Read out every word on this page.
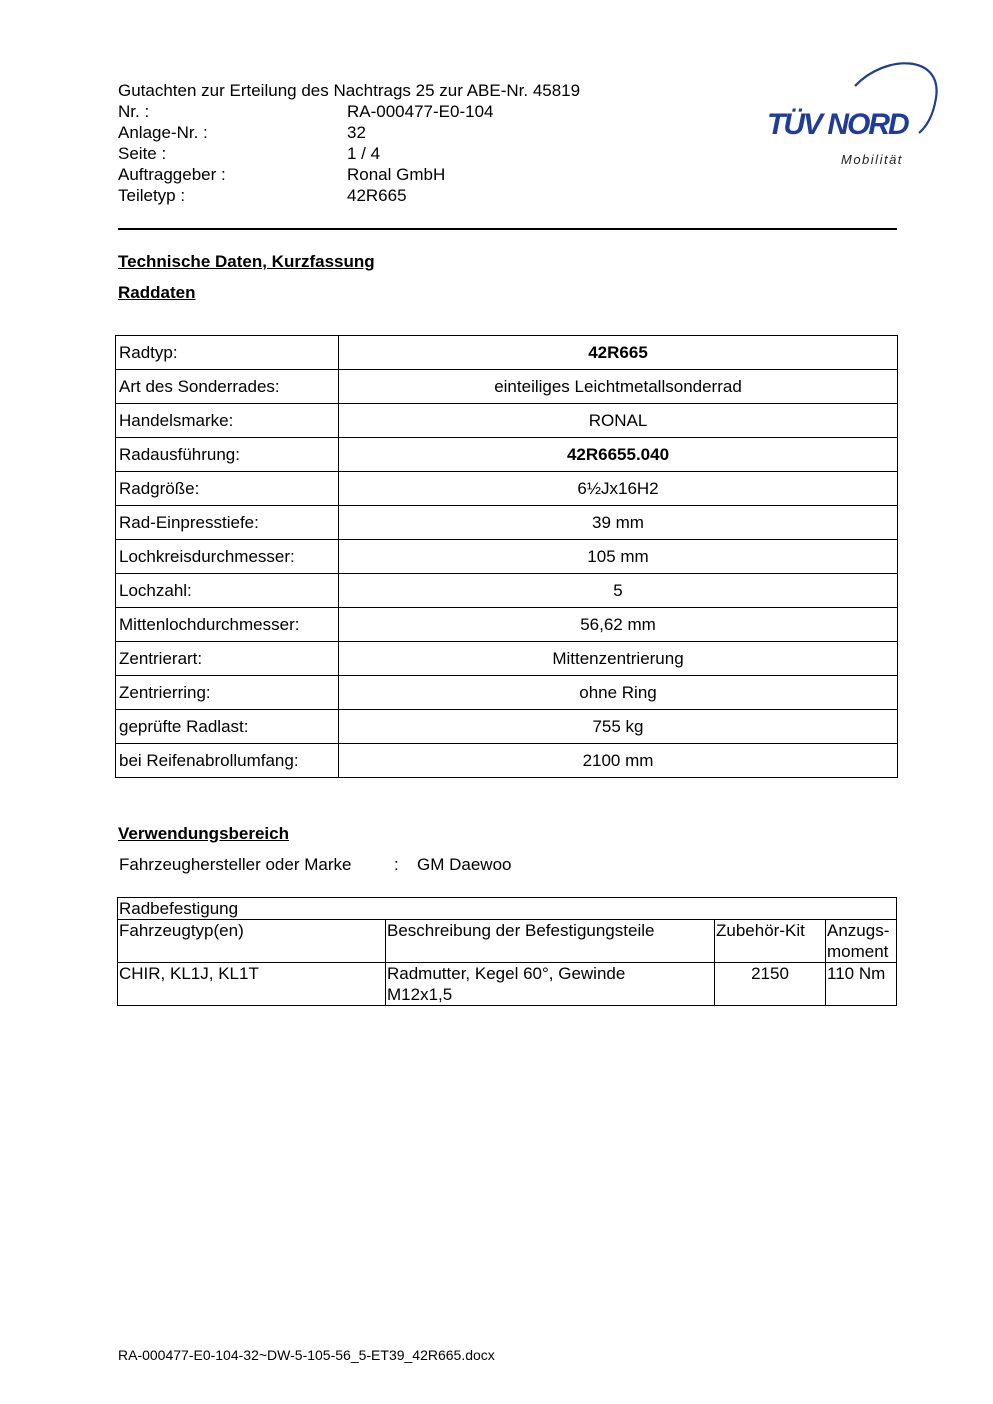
Gutachten zur Erteilung des Nachtrags 25 zur ABE-Nr. 45819
Nr. :	RA-000477-E0-104
Anlage-Nr. :	32
Seite :	1 / 4
Auftraggeber :	Ronal GmbH
Teiletyp :	42R665
TÜV NORD
Mobilität
Technische Daten, Kurzfassung
Raddaten
Radtyp:	42R665
Art des Sonderrades:	einteiliges Leichtmetallsonderrad
Handelsmarke:	RONAL
Radausführung:	42R6655.040
Radgröße:	6½Jx16H2
Rad-Einpresstiefe:	39 mm
Lochkreisdurchmesser:	105 mm
Lochzahl:	5
Mittenlochdurchmesser:	56,62 mm
Zentrierart:	Mittenzentrierung
Zentrierring:	ohne Ring
geprüfte Radlast:	755 kg
bei Reifenabrollumfang:	2100 mm
Verwendungsbereich
Fahrzeughersteller oder Marke	:	GM Daewoo
Radbefestigung			
Fahrzeugtyp(en)	Beschreibung der Befestigungsteile	Zubehör-Kit	Anzugs-
moment
CHIR, KL1J, KL1T	Radmutter, Kegel 60°, Gewinde
M12x1,5	2150	110 Nm
RA-000477-E0-104-32~DW-5-105-56_5-ET39_42R665.docx
